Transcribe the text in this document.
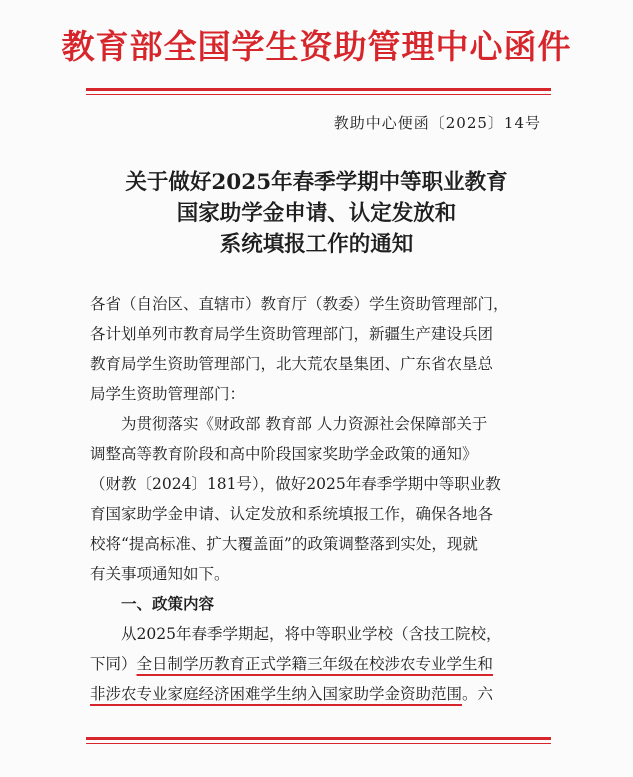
教育部全国学生资助管理中心函件
教助中心便函〔2025〕14号
关于做好2025年春季学期中等职业教育
国家助学金申请、认定发放和
系统填报工作的通知
各省（自治区、直辖市）教育厅（教委）学生资助管理部门，
各计划单列市教育局学生资助管理部门，新疆生产建设兵团
教育局学生资助管理部门，北大荒农垦集团、广东省农垦总
局学生资助管理部门：
为贯彻落实《财政部 教育部 人力资源社会保障部关于
调整高等教育阶段和高中阶段国家奖助学金政策的通知》
（财教〔2024〕181号），做好2025年春季学期中等职业教
育国家助学金申请、认定发放和系统填报工作，确保各地各
校将“提高标准、扩大覆盖面”的政策调整落到实处，现就
有关事项通知如下。
一、政策内容
从2025年春季学期起，将中等职业学校（含技工院校，
下同）全日制学历教育正式学籍三年级在校涉农专业学生和
非涉农专业家庭经济困难学生纳入国家助学金资助范围。六
